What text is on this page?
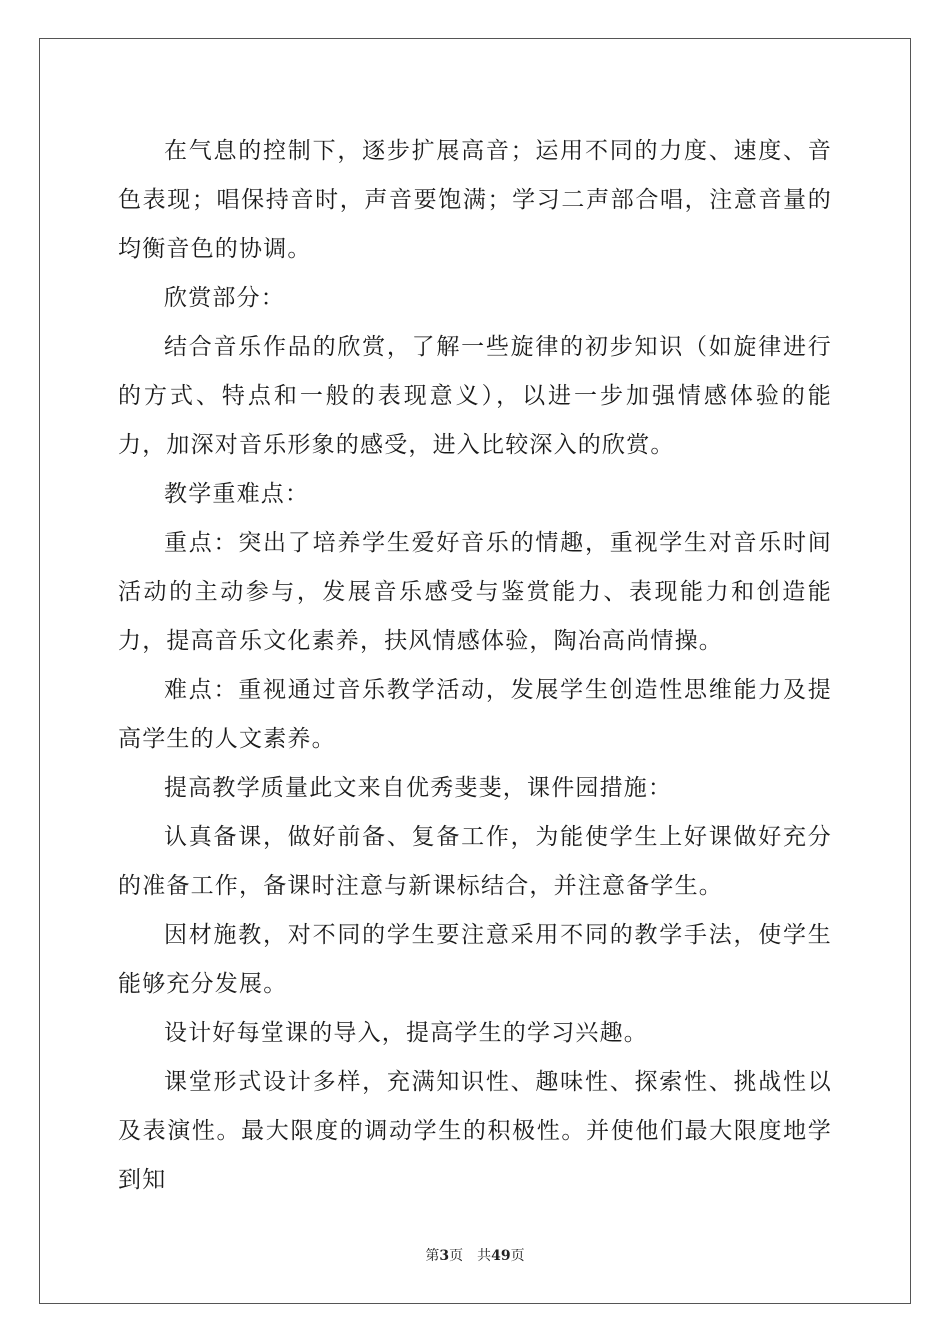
在气息的控制下，逐步扩展高音；运用不同的力度、速度、音色表现；唱保持音时，声音要饱满；学习二声部合唱，注意音量的均衡音色的协调。

欣赏部分：

结合音乐作品的欣赏，了解一些旋律的初步知识（如旋律进行的方式、特点和一般的表现意义），以进一步加强情感体验的能力，加深对音乐形象的感受，进入比较深入的欣赏。

教学重难点：

重点：突出了培养学生爱好音乐的情趣，重视学生对音乐时间活动的主动参与，发展音乐感受与鉴赏能力、表现能力和创造能力，提高音乐文化素养，扶风情感体验，陶冶高尚情操。

难点：重视通过音乐教学活动，发展学生创造性思维能力及提高学生的人文素养。

提高教学质量此文来自优秀斐斐，课件园措施：

认真备课，做好前备、复备工作，为能使学生上好课做好充分的准备工作，备课时注意与新课标结合，并注意备学生。

因材施教，对不同的学生要注意采用不同的教学手法，使学生能够充分发展。

设计好每堂课的导入，提高学生的学习兴趣。

课堂形式设计多样，充满知识性、趣味性、探索性、挑战性以及表演性。最大限度的调动学生的积极性。并使他们最大限度地学到知

第3页 共49页
